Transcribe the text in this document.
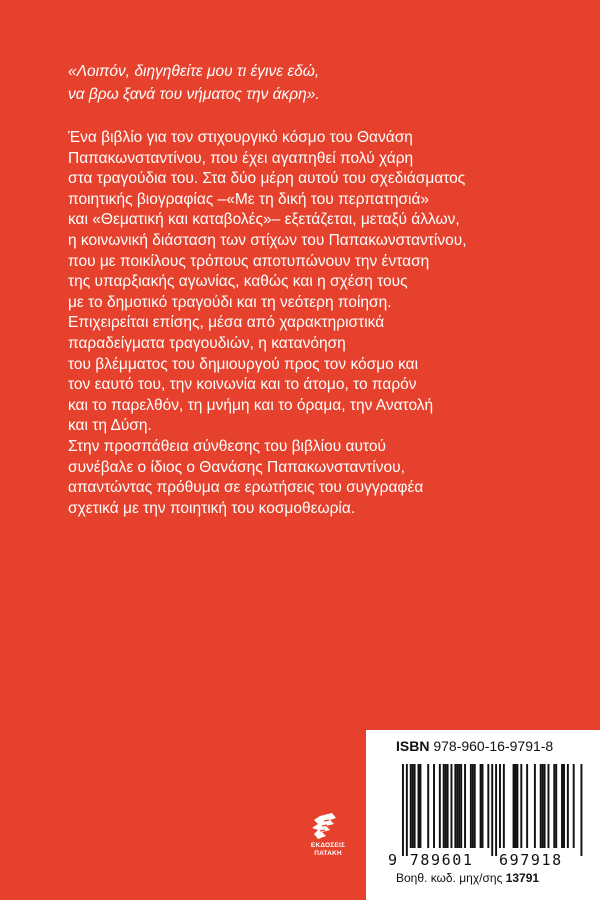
«Λοιπόν, διηγηθείτε μου τι έγινε εδώ,
να βρω ξανά του νήματος την άκρη».
Ένα βιβλίο για τον στιχουργικό κόσμο του Θανάση
Παπακωνσταντίνου, που έχει αγαπηθεί πολύ χάρη
στα τραγούδια του. Στα δύο μέρη αυτού του σχεδιάσματος
ποιητικής βιογραφίας –«Με τη δική του περπατησιά»
και «Θεματική και καταβολές»– εξετάζεται, μεταξύ άλλων,
η κοινωνική διάσταση των στίχων του Παπακωνσταντίνου,
που με ποικίλους τρόπους αποτυπώνουν την ένταση
της υπαρξιακής αγωνίας, καθώς και η σχέση τους
με το δημοτικό τραγούδι και τη νεότερη ποίηση.
Επιχειρείται επίσης, μέσα από χαρακτηριστικά
παραδείγματα τραγουδιών, η κατανόηση
του βλέμματος του δημιουργού προς τον κόσμο και
τον εαυτό του, την κοινωνία και το άτομο, το παρόν
και το παρελθόν, τη μνήμη και το όραμα, την Ανατολή
και τη Δύση.
Στην προσπάθεια σύνθεσης του βιβλίου αυτού
συνέβαλε ο ίδιος ο Θανάσης Παπακωνσταντίνου,
απαντώντας πρόθυμα σε ερωτήσεις του συγγραφέα
σχετικά με την ποιητική του κοσμοθεωρία.
ΕΚΔΟΣΕΙΣ
ΠΑΤΑΚΗ
ISBN 978-960-16-9791-8
9 789601 697918
Βοηθ. κωδ. μηχ/σης 13791
